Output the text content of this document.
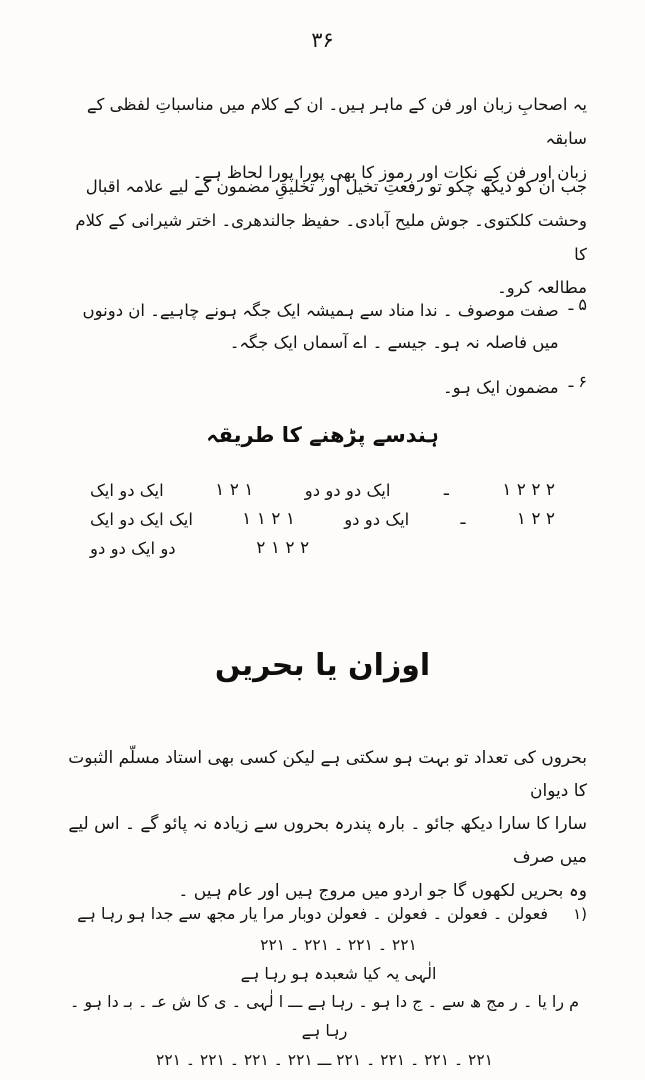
۳۶
یہ اصحابِ زبان اور فن کے ماہر ہیں۔ ان کے کلام میں مناسباتِ لفظی کے سابقہ
زبان اور فن کے نکات اور رموز کا بھی پورا پورا لحاظ ہے۔
جب ان کو دیکھ چکو تو رفعتِ تخیل اور تخلیقِ مضمون کے لیے علامہ اقبال
وحشت کلکتوی۔ جوش ملیح آبادی۔ حفیظ جالندھری۔ اختر شیرانی کے کلام کا
مطالعہ کرو۔
۵ ـ
صفت موصوف ۔ ندا مناد سے ہمیشہ ایک جگہ ہونے چاہیے۔ ان دونوں
میں فاصلہ نہ ہو۔ جیسے ۔ اے آسماں ایک جگہ۔
۶ ـ
مضمون ایک ہو۔
ہندسے پڑھنے کا طریقہ
۲ ۲ ۲ ۱
ـ
ایک دو دو دو
۱ ۲ ۱
ایک دو ایک
۲ ۲ ۱
ـ
ایک دو دو
۱ ۲ ۱ ۱
ایک ایک دو ایک
۲ ۲ ۱ ۲
دو ایک دو دو
اوزان یا بحریں
بحروں کی تعداد تو بہت ہو سکتی ہے لیکن کسی بھی استاد مسلّم الثبوت کا دیوان
سارا کا سارا دیکھ جائو ۔ بارہ پندرہ بحروں سے زیادہ نہ پائو گے ۔ اس لیے میں صرف
وہ بحریں لکھوں گا جو اردو میں مروج ہیں اور عام ہیں ۔
(۱
فعولن ۔ فعولن ۔ فعولن ۔ فعولن دوبار مرا یار مجھ سے جدا ہو رہا ہے
۲۲۱ ۔ ۲۲۱ ۔ ۲۲۱ ۔ ۲۲۱
الٰہی یہ کیا شعبدہ ہو رہا ہے
م را یا ۔ ر مج ھ سے ۔ ج دا ہو ۔ رہا ہے ـــ ا لٰہی ۔ ی کا ش عـ ۔ بـ دا ہو ۔ رہا ہے
۲۲۱ ۔ ۲۲۱ ۔ ۲۲۱ ۔ ۲۲۱ ـــ ۲۲۱ ۔ ۲۲۱ ۔ ۲۲۱ ۔ ۲۲۱
